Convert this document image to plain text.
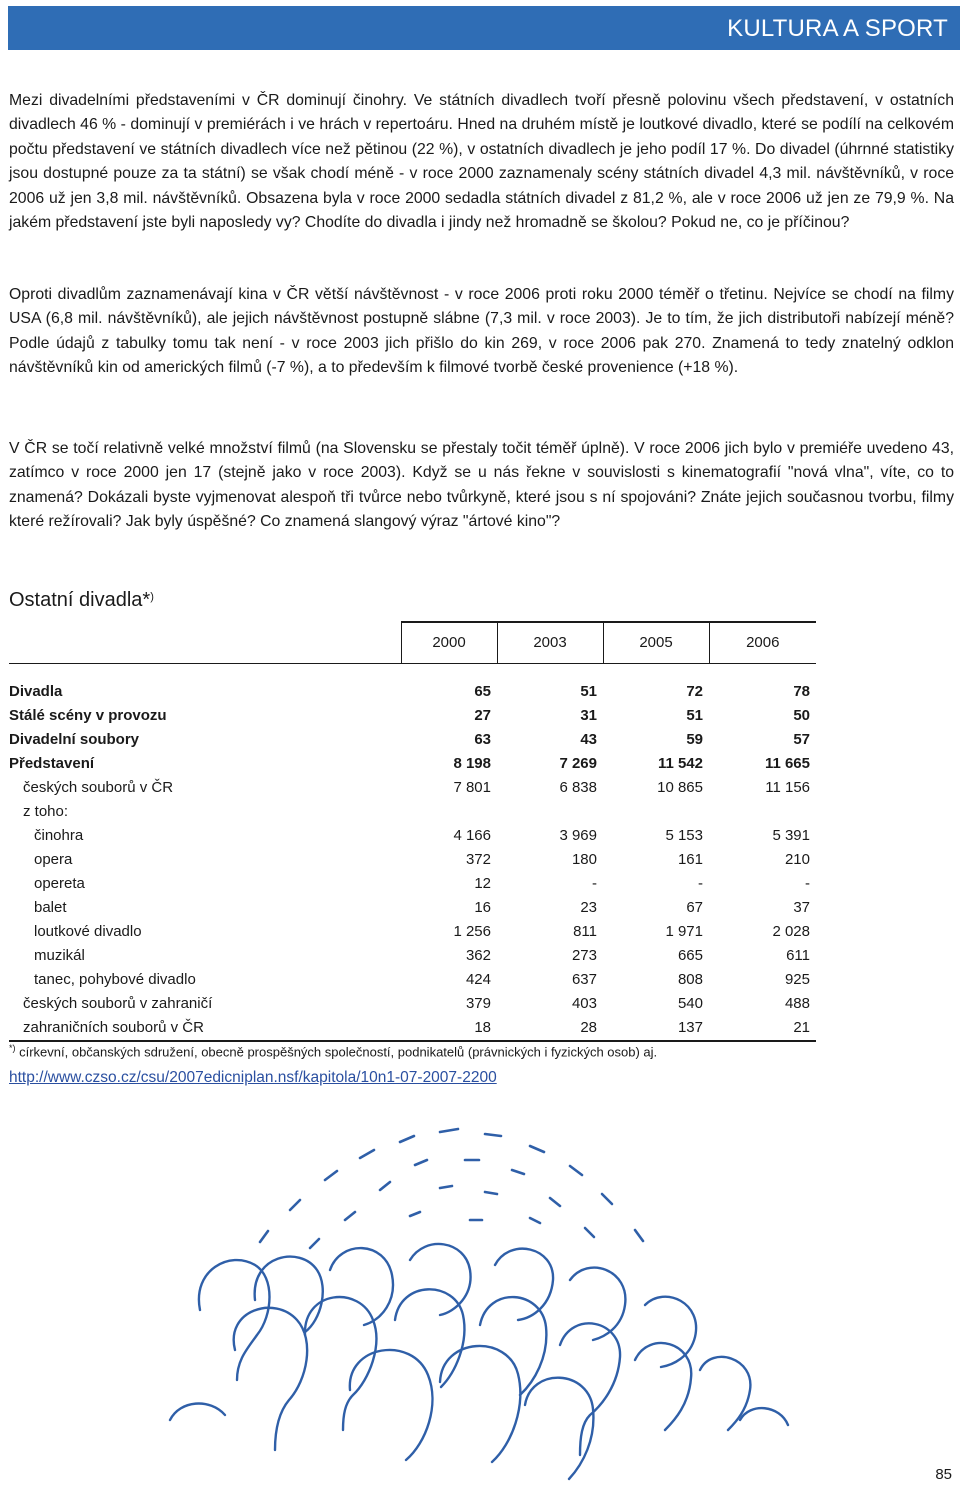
KULTURA A SPORT

Mezi divadelními představeními v ČR dominují činohry. Ve státních divadlech tvoří přesně polovinu všech představení, v ostatních divadlech 46 % - dominují v premiérách i ve hrách v repertoáru. Hned na druhém místě je loutkové divadlo, které se podílí na celkovém počtu představení ve státních divadlech více než pětinou (22 %), v ostatních divadlech je jeho podíl 17 %. Do divadel (úhrnné statistiky jsou dostupné pouze za ta státní) se však chodí méně - v roce 2000 zaznamenaly scény státních divadel 4,3 mil. návštěvníků, v roce 2006 už jen 3,8 mil. návštěvníků. Obsazena byla v roce 2000 sedadla státních divadel z 81,2 %, ale v roce 2006 už jen ze 79,9 %. Na jakém představení jste byli naposledy vy? Chodíte do divadla i jindy než hromadně se školou? Pokud ne, co je příčinou?

Oproti divadlům zaznamenávají kina v ČR větší návštěvnost - v roce 2006 proti roku 2000 téměř o třetinu. Nejvíce se chodí na filmy USA (6,8 mil. návštěvníků), ale jejich návštěvnost postupně slábne (7,3 mil. v roce 2003). Je to tím, že jich distributoři nabízejí méně? Podle údajů z tabulky tomu tak není - v roce 2003 jich přišlo do kin 269, v roce 2006 pak 270. Znamená to tedy znatelný odklon návštěvníků kin od amerických filmů (-7 %), a to především k filmové tvorbě české provenience (+18 %).

V ČR se točí relativně velké množství filmů (na Slovensku se přestaly točit téměř úplně). V roce 2006 jich bylo v premiéře uvedeno 43, zatímco v roce 2000 jen 17 (stejně jako v roce 2003). Když se u nás řekne v souvislosti s kinematografií "nová vlna", víte, co to znamená? Dokázali byste vyjmenovat alespoň tři tvůrce nebo tvůrkyně, které jsou s ní spojováni? Znáte jejich současnou tvorbu, filmy které režírovali? Jak byly úspěšné? Co znamená slangový výraz "ártové kino"?

Ostatní divadla*)
	2000	2003	2005	2006

Divadla	65	51	72	78
Stálé scény v provozu	27	31	51	50
Divadelní soubory	63	43	59	57
Představení	8 198	7 269	11 542	11 665
českých souborů v ČR	7 801	6 838	10 865	11 156
z toho:				
činohra	4 166	3 969	5 153	5 391
opera	372	180	161	210
opereta	12	-	-	-
balet	16	23	67	37
loutkové divadlo	1 256	811	1 971	2 028
muzikál	362	273	665	611
tanec, pohybové divadlo	424	637	808	925
českých souborů v zahraničí	379	403	540	488
zahraničních souborů v ČR	18	28	137	21

*) církevní, občanských sdružení, obecně prospěšných společností, podnikatelů (právnických i fyzických osob) aj.

http://www.czso.cz/csu/2007edicniplan.nsf/kapitola/10n1-07-2007-2200
85
